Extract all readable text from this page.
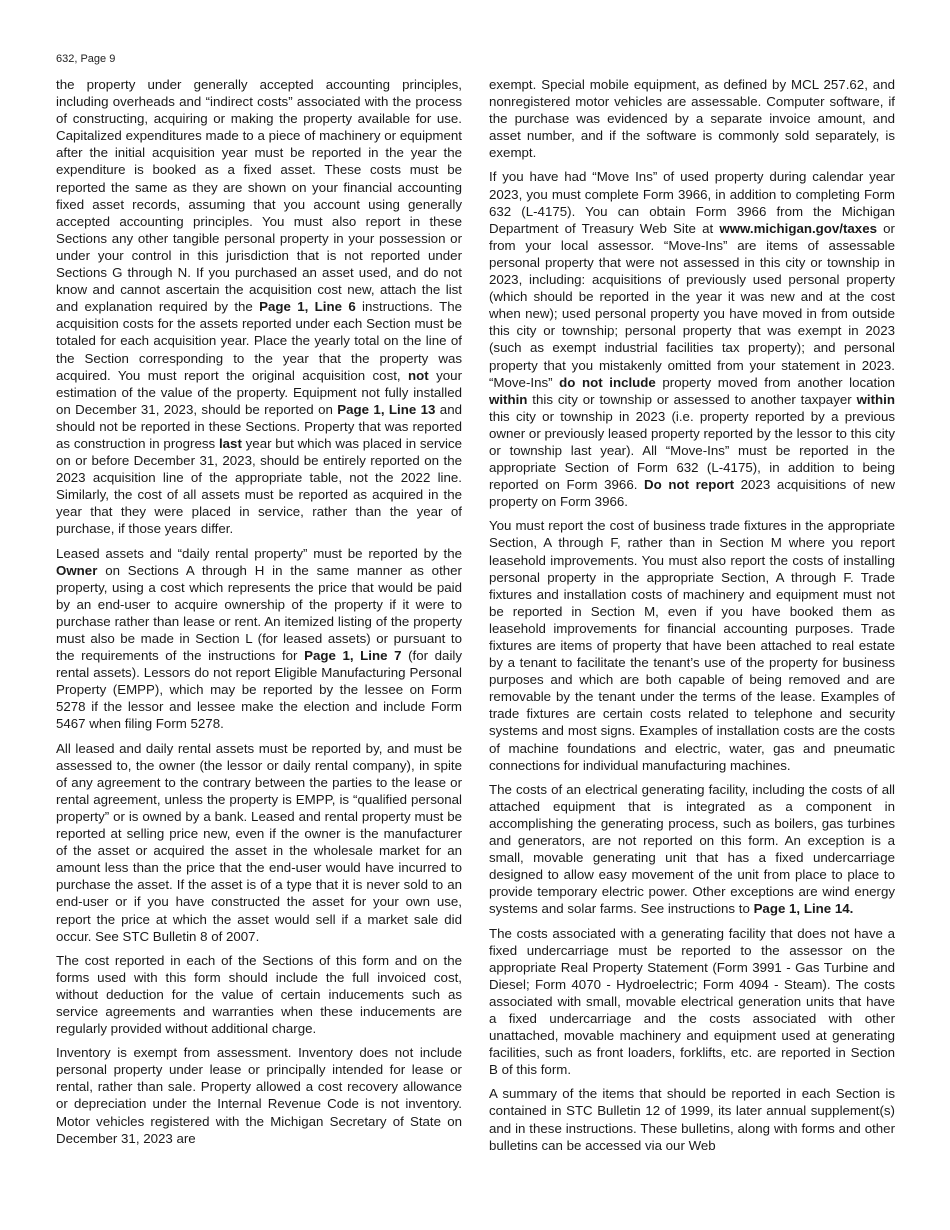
632, Page 9

the property under generally accepted accounting principles, including overheads and “indirect costs” associated with the process of constructing, acquiring or making the property available for use. Capitalized expenditures made to a piece of machinery or equipment after the initial acquisition year must be reported in the year the expenditure is booked as a fixed asset. These costs must be reported the same as they are shown on your financial accounting fixed asset records, assuming that you account using generally accepted accounting principles. You must also report in these Sections any other tangible personal property in your possession or under your control in this jurisdiction that is not reported under Sections G through N. If you purchased an asset used, and do not know and cannot ascertain the acquisition cost new, attach the list and explanation required by the Page 1, Line 6 instructions. The acquisition costs for the assets reported under each Section must be totaled for each acquisition year. Place the yearly total on the line of the Section corresponding to the year that the property was acquired. You must report the original acquisition cost, not your estimation of the value of the property. Equipment not fully installed on December 31, 2023, should be reported on Page 1, Line 13 and should not be reported in these Sections. Property that was reported as construction in progress last year but which was placed in service on or before December 31, 2023, should be entirely reported on the 2023 acquisition line of the appropriate table, not the 2022 line. Similarly, the cost of all assets must be reported as acquired in the year that they were placed in service, rather than the year of purchase, if those years differ.

Leased assets and “daily rental property” must be reported by the Owner on Sections A through H in the same manner as other property, using a cost which represents the price that would be paid by an end-user to acquire ownership of the property if it were to purchase rather than lease or rent. An itemized listing of the property must also be made in Section L (for leased assets) or pursuant to the requirements of the instructions for Page 1, Line 7 (for daily rental assets). Lessors do not report Eligible Manufacturing Personal Property (EMPP), which may be reported by the lessee on Form 5278 if the lessor and lessee make the election and include Form 5467 when filing Form 5278.

All leased and daily rental assets must be reported by, and must be assessed to, the owner (the lessor or daily rental company), in spite of any agreement to the contrary between the parties to the lease or rental agreement, unless the property is EMPP, is “qualified personal property” or is owned by a bank. Leased and rental property must be reported at selling price new, even if the owner is the manufacturer of the asset or acquired the asset in the wholesale market for an amount less than the price that the end-user would have incurred to purchase the asset. If the asset is of a type that it is never sold to an end-user or if you have constructed the asset for your own use, report the price at which the asset would sell if a market sale did occur. See STC Bulletin 8 of 2007.

The cost reported in each of the Sections of this form and on the forms used with this form should include the full invoiced cost, without deduction for the value of certain inducements such as service agreements and warranties when these inducements are regularly provided without additional charge.

Inventory is exempt from assessment. Inventory does not include personal property under lease or principally intended for lease or rental, rather than sale. Property allowed a cost recovery allowance or depreciation under the Internal Revenue Code is not inventory. Motor vehicles registered with the Michigan Secretary of State on December 31, 2023 are

exempt. Special mobile equipment, as defined by MCL 257.62, and nonregistered motor vehicles are assessable. Computer software, if the purchase was evidenced by a separate invoice amount, and asset number, and if the software is commonly sold separately, is exempt.

If you have had “Move Ins” of used property during calendar year 2023, you must complete Form 3966, in addition to completing Form 632 (L-4175). You can obtain Form 3966 from the Michigan Department of Treasury Web Site at www.michigan.gov/taxes or from your local assessor. “Move-Ins” are items of assessable personal property that were not assessed in this city or township in 2023, including: acquisitions of previously used personal property (which should be reported in the year it was new and at the cost when new); used personal property you have moved in from outside this city or township; personal property that was exempt in 2023 (such as exempt industrial facilities tax property); and personal property that you mistakenly omitted from your statement in 2023. “Move-Ins” do not include property moved from another location within this city or township or assessed to another taxpayer within this city or township in 2023 (i.e. property reported by a previous owner or previously leased property reported by the lessor to this city or township last year). All “Move-Ins” must be reported in the appropriate Section of Form 632 (L-4175), in addition to being reported on Form 3966. Do not report 2023 acquisitions of new property on Form 3966.

You must report the cost of business trade fixtures in the appropriate Section, A through F, rather than in Section M where you report leasehold improvements. You must also report the costs of installing personal property in the appropriate Section, A through F. Trade fixtures and installation costs of machinery and equipment must not be reported in Section M, even if you have booked them as leasehold improvements for financial accounting purposes. Trade fixtures are items of property that have been attached to real estate by a tenant to facilitate the tenant’s use of the property for business purposes and which are both capable of being removed and are removable by the tenant under the terms of the lease. Examples of trade fixtures are certain costs related to telephone and security systems and most signs. Examples of installation costs are the costs of machine foundations and electric, water, gas and pneumatic connections for individual manufacturing machines.

The costs of an electrical generating facility, including the costs of all attached equipment that is integrated as a component in accomplishing the generating process, such as boilers, gas turbines and generators, are not reported on this form. An exception is a small, movable generating unit that has a fixed undercarriage designed to allow easy movement of the unit from place to place to provide temporary electric power. Other exceptions are wind energy systems and solar farms. See instructions to Page 1, Line 14.

The costs associated with a generating facility that does not have a fixed undercarriage must be reported to the assessor on the appropriate Real Property Statement (Form 3991 - Gas Turbine and Diesel; Form 4070 - Hydroelectric; Form 4094 - Steam). The costs associated with small, movable electrical generation units that have a fixed undercarriage and the costs associated with other unattached, movable machinery and equipment used at generating facilities, such as front loaders, forklifts, etc. are reported in Section B of this form.

A summary of the items that should be reported in each Section is contained in STC Bulletin 12 of 1999, its later annual supplement(s) and in these instructions. These bulletins, along with forms and other bulletins can be accessed via our Web
